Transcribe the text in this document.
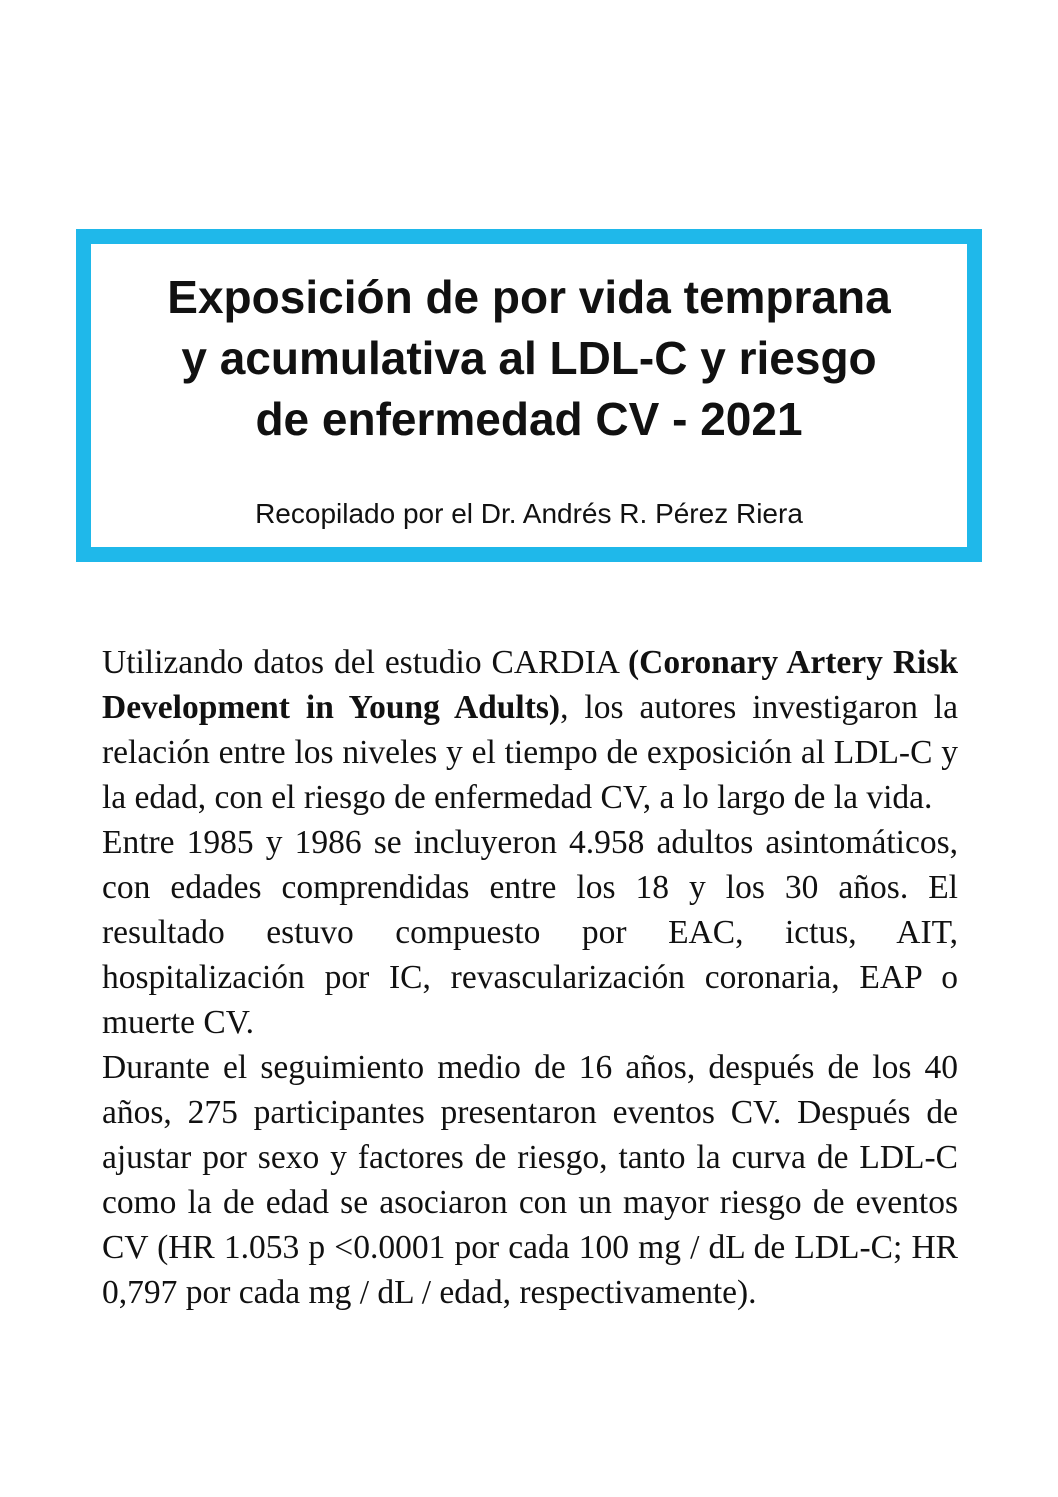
Exposición de por vida temprana
y acumulativa al LDL-C y riesgo
de enfermedad CV - 2021

Recopilado por el Dr. Andrés R. Pérez Riera

Utilizando datos del estudio CARDIA (Coronary Artery Risk Development in Young Adults), los autores investigaron la relación entre los niveles y el tiempo de exposición al LDL-C y la edad, con el riesgo de enfermedad CV, a lo largo de la vida.

Entre 1985 y 1986 se incluyeron 4.958 adultos asintomáticos, con edades comprendidas entre los 18 y los 30 años. El resultado estuvo compuesto por EAC, ictus, AIT, hospitalización por IC, revascularización coronaria, EAP o muerte CV.

Durante el seguimiento medio de 16 años, después de los 40 años, 275 participantes presentaron eventos CV. Después de ajustar por sexo y factores de riesgo, tanto la curva de LDL-C como la de edad se asociaron con un mayor riesgo de eventos CV (HR 1.053 p <0.0001 por cada 100 mg / dL de LDL-C; HR 0,797 por cada mg / dL / edad, respectivamente).
